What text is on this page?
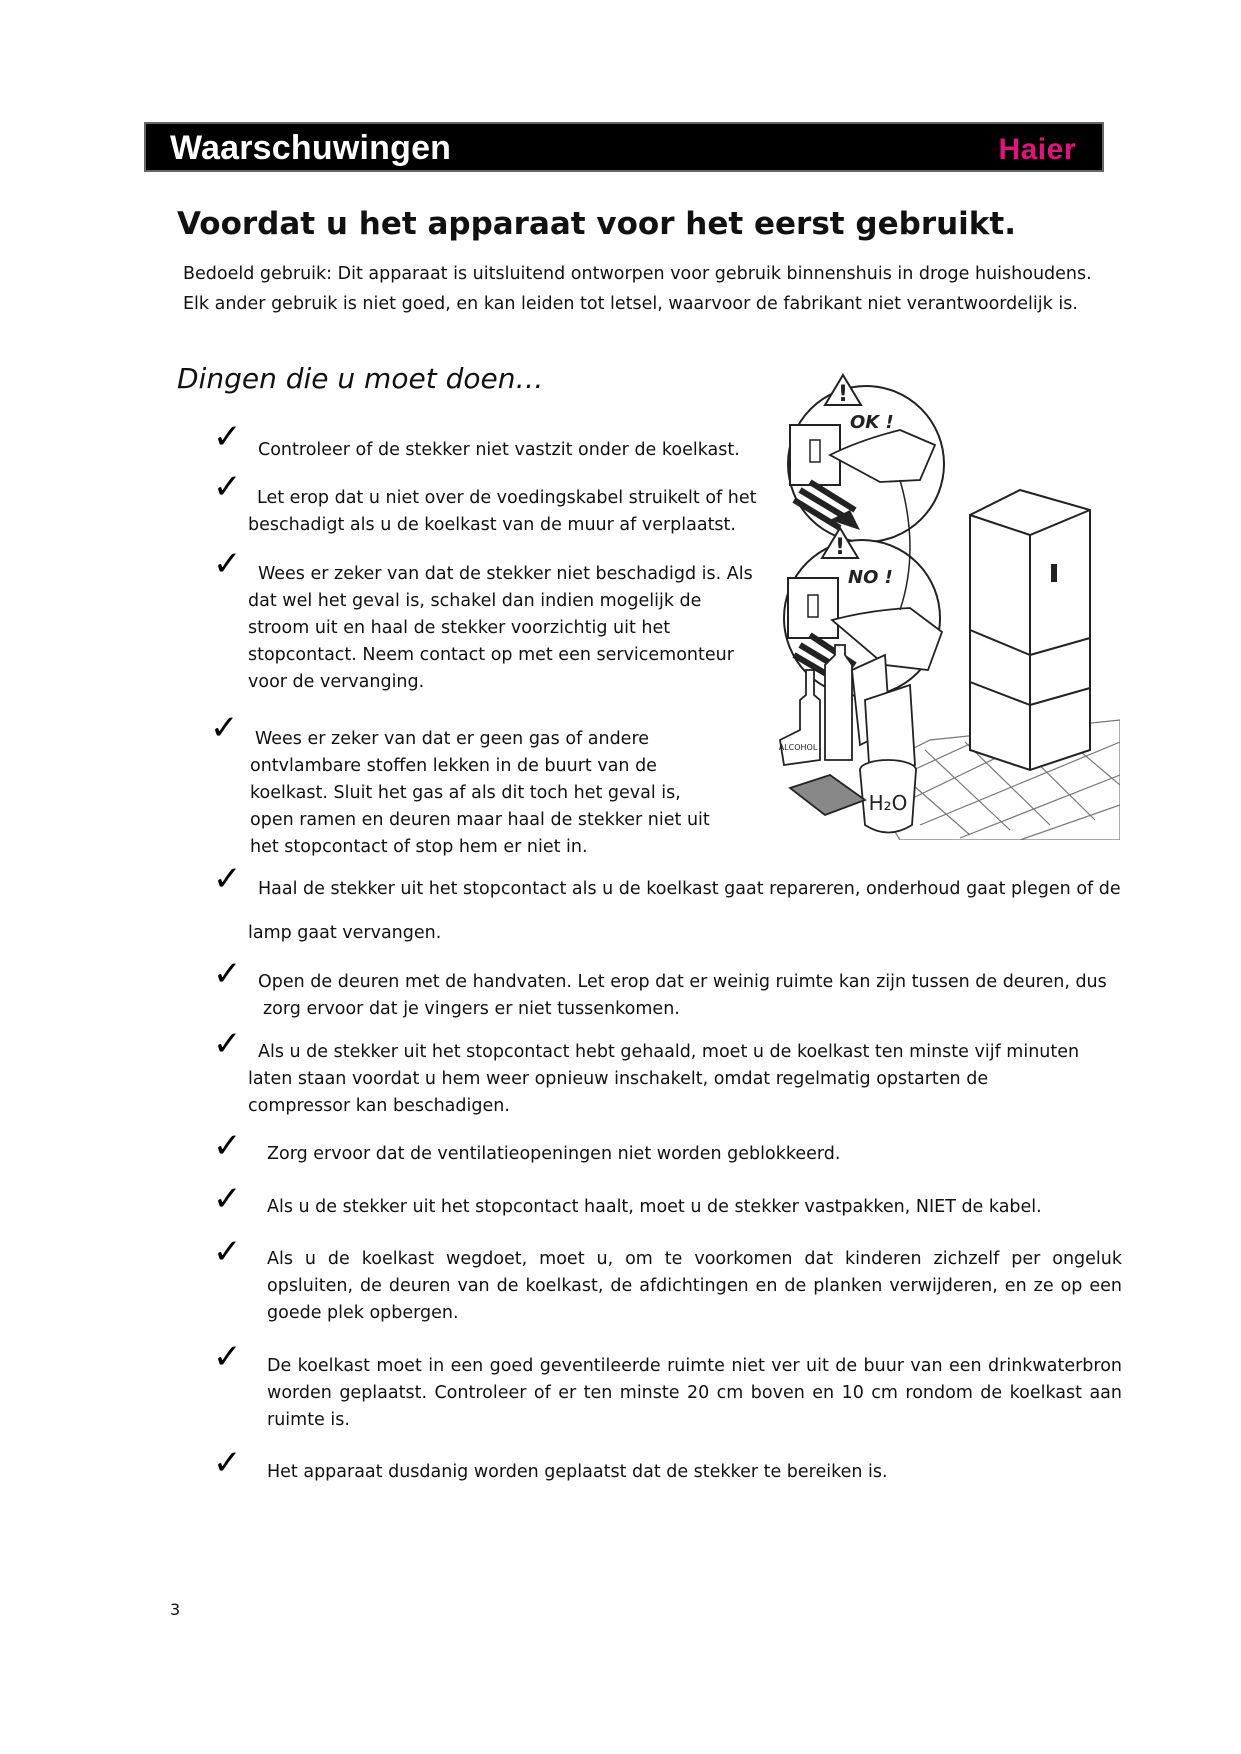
Waarschuwingen	Haier
Voordat u het apparaat voor het eerst gebruikt.
Bedoeld gebruik: Dit apparaat is uitsluitend ontworpen voor gebruik binnenshuis in droge huishoudens.
Elk ander gebruik is niet goed, en kan leiden tot letsel, waarvoor de fabrikant niet verantwoordelijk is.
Dingen die u moet doen…
✓ Controleer of de stekker niet vastzit onder de koelkast.
✓ Let erop dat u niet over de voedingskabel struikelt of het
beschadigt als u de koelkast van de muur af verplaatst.
✓ Wees er zeker van dat de stekker niet beschadigd is. Als
dat wel het geval is, schakel dan indien mogelijk de
stroom uit en haal de stekker voorzichtig uit het
stopcontact. Neem contact op met een servicemonteur
voor de vervanging.
✓ Wees er zeker van dat er geen gas of andere
ontvlambare stoffen lekken in de buurt van de
koelkast. Sluit het gas af als dit toch het geval is,
open ramen en deuren maar haal de stekker niet uit
het stopcontact of stop hem er niet in.
✓ Haal de stekker uit het stopcontact als u de koelkast gaat repareren, onderhoud gaat plegen of de
lamp gaat vervangen.
✓ Open de deuren met de handvaten. Let erop dat er weinig ruimte kan zijn tussen de deuren, dus
zorg ervoor dat je vingers er niet tussenkomen.
✓ Als u de stekker uit het stopcontact hebt gehaald, moet u de koelkast ten minste vijf minuten
laten staan voordat u hem weer opnieuw inschakelt, omdat regelmatig opstarten de
compressor kan beschadigen.
✓ Zorg ervoor dat de ventilatieopeningen niet worden geblokkeerd.
✓ Als u de stekker uit het stopcontact haalt, moet u de stekker vastpakken, NIET de kabel.
✓ Als u de koelkast wegdoet, moet u, om te voorkomen dat kinderen zichzelf per ongeluk opsluiten, de deuren van de koelkast, de afdichtingen en de planken verwijderen, en ze op een goede plek opbergen.
✓ De koelkast moet in een goed geventileerde ruimte niet ver uit de buur van een drinkwaterbron worden geplaatst. Controleer of er ten minste 20 cm boven en 10 cm rondom de koelkast aan ruimte is.
✓ Het apparaat dusdanig worden geplaatst dat de stekker te bereiken is.
!
OK !
!
NO !
ALCOHOL
H₂O
3
